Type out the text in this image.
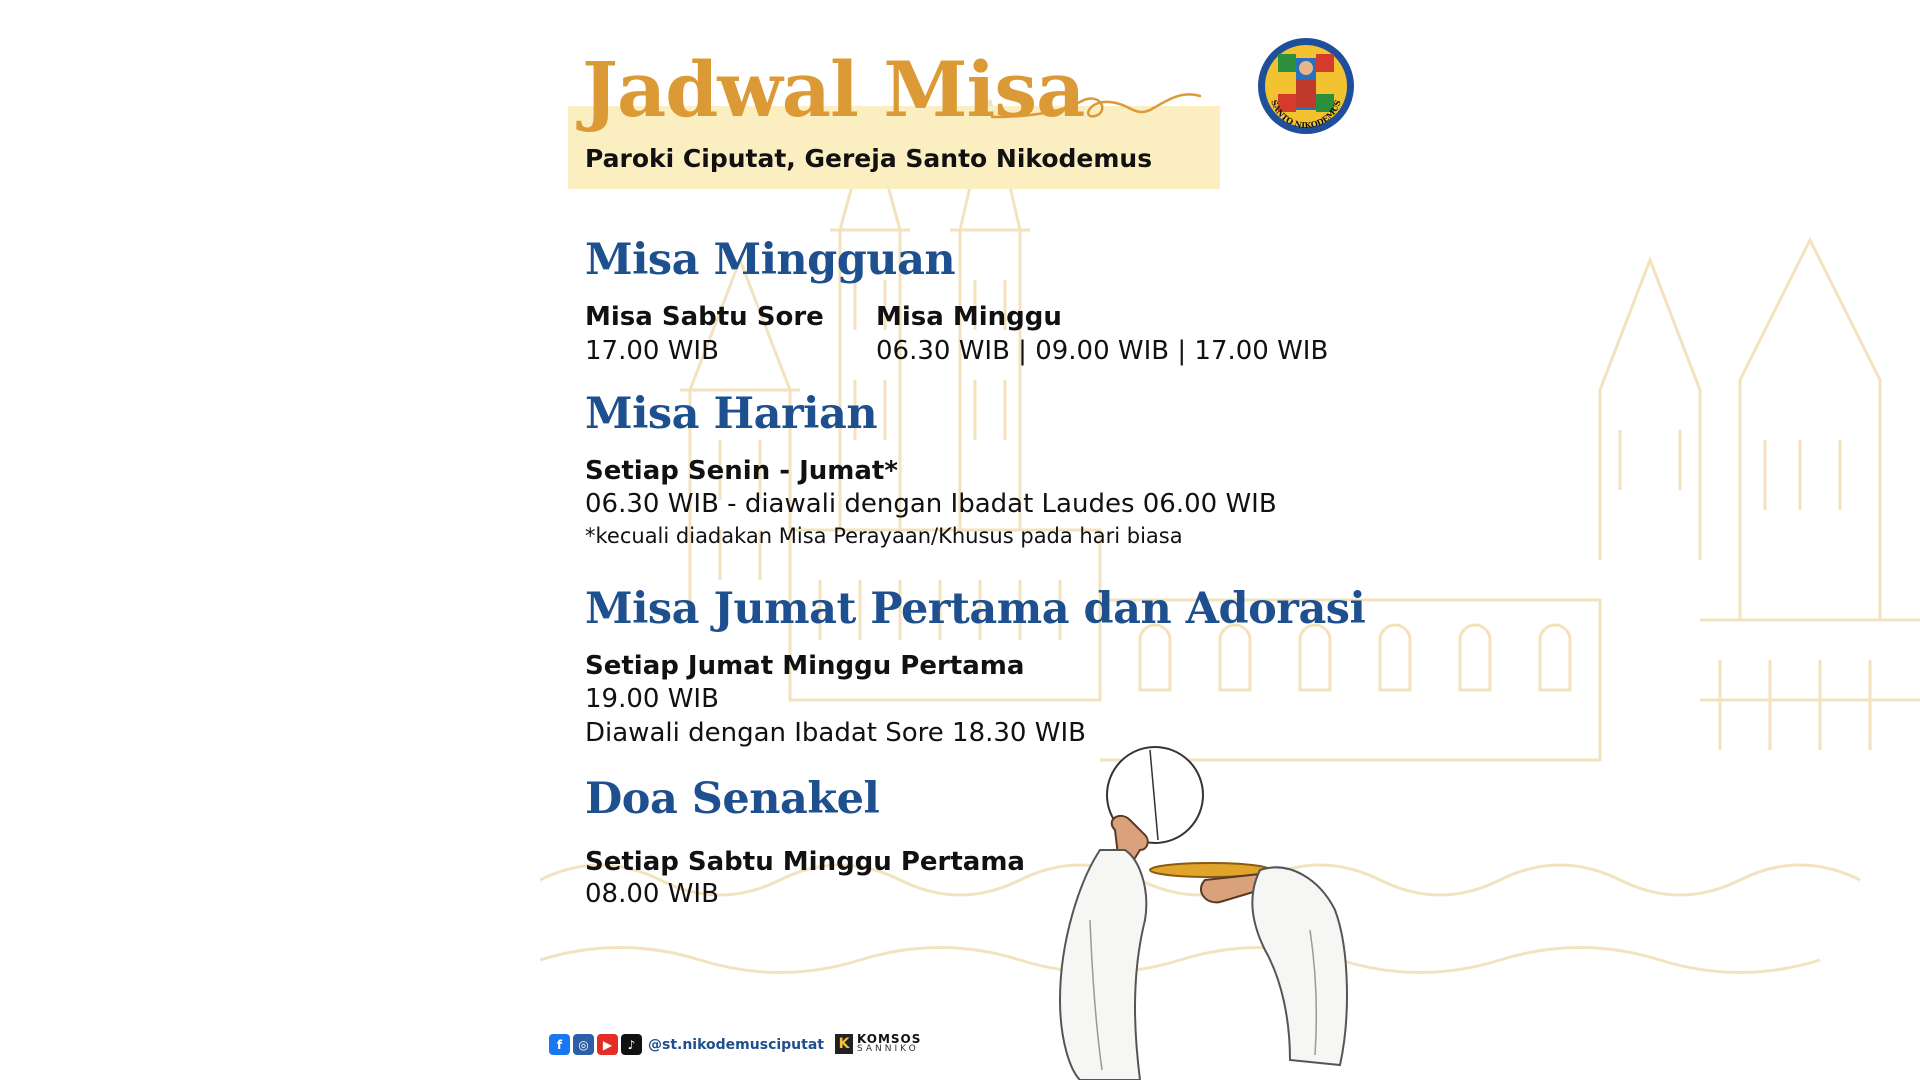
Jadwal Misa
Paroki Ciputat, Gereja Santo Nikodemus
SANTO NIKODEMUS
Misa Mingguan
Misa Sabtu Sore
17.00 WIB
Misa Minggu
06.30 WIB | 09.00 WIB | 17.00 WIB
Misa Harian
Setiap Senin - Jumat*
06.30 WIB - diawali dengan Ibadat Laudes 06.00 WIB
*kecuali diadakan Misa Perayaan/Khusus pada hari biasa
Misa Jumat Pertama dan Adorasi
Setiap Jumat Minggu Pertama
19.00 WIB
Diawali dengan Ibadat Sore 18.30 WIB
Doa Senakel
Setiap Sabtu Minggu Pertama
08.00 WIB
f	◎	▶	♪ @st.nikodemusciputat K KOMSOS
SANNIKO
